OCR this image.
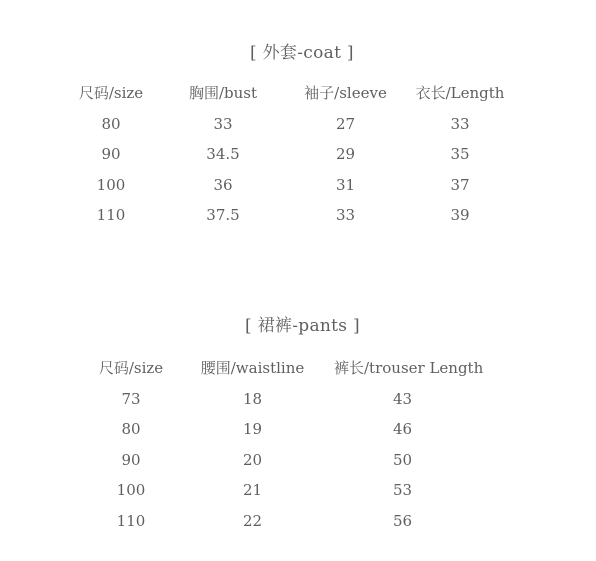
[ 外套-coat ]
尺码/size	胸围/bust	袖子/sleeve	衣长/Length
80	33	27	33
90	34.5	29	35
100	36	31	37
110	37.5	33	39
[ 裙裤-pants ]
尺码/size	腰围/waistline	裤长/trouser Length
73	18	43
80	19	46
90	20	50
100	21	53
110	22	56
